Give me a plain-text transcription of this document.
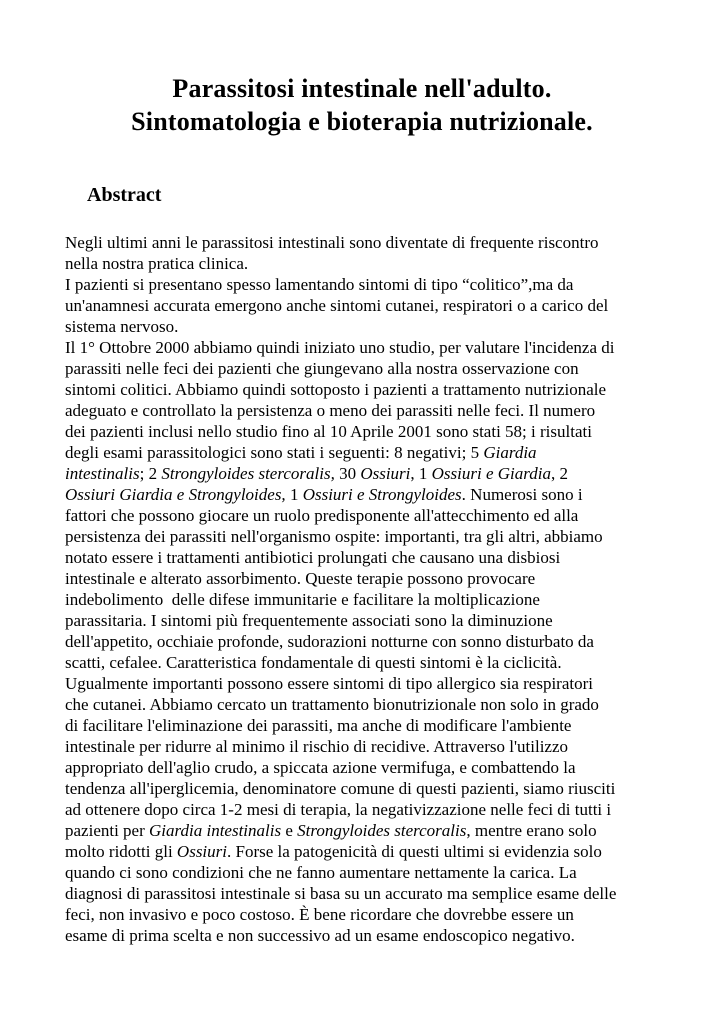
Parassitosi intestinale nell'adulto.
Sintomatologia e bioterapia nutrizionale.
Abstract
Negli ultimi anni le parassitosi intestinali sono diventate di frequente riscontro
nella nostra pratica clinica.
I pazienti si presentano spesso lamentando sintomi di tipo “colitico”,ma da
un'anamnesi accurata emergono anche sintomi cutanei, respiratori o a carico del
sistema nervoso.
Il 1° Ottobre 2000 abbiamo quindi iniziato uno studio, per valutare l'incidenza di
parassiti nelle feci dei pazienti che giungevano alla nostra osservazione con
sintomi colitici. Abbiamo quindi sottoposto i pazienti a trattamento nutrizionale
adeguato e controllato la persistenza o meno dei parassiti nelle feci. Il numero
dei pazienti inclusi nello studio fino al 10 Aprile 2001 sono stati 58; i risultati
degli esami parassitologici sono stati i seguenti: 8 negativi; 5 Giardia
intestinalis; 2 Strongyloides stercoralis, 30 Ossiuri, 1 Ossiuri e Giardia, 2
Ossiuri Giardia e Strongyloides, 1 Ossiuri e Strongyloides. Numerosi sono i
fattori che possono giocare un ruolo predisponente all'attecchimento ed alla
persistenza dei parassiti nell'organismo ospite: importanti, tra gli altri, abbiamo
notato essere i trattamenti antibiotici prolungati che causano una disbiosi
intestinale e alterato assorbimento. Queste terapie possono provocare
indebolimento  delle difese immunitarie e facilitare la moltiplicazione
parassitaria. I sintomi più frequentemente associati sono la diminuzione
dell'appetito, occhiaie profonde, sudorazioni notturne con sonno disturbato da
scatti, cefalee. Caratteristica fondamentale di questi sintomi è la ciclicità.
Ugualmente importanti possono essere sintomi di tipo allergico sia respiratori
che cutanei. Abbiamo cercato un trattamento bionutrizionale non solo in grado
di facilitare l'eliminazione dei parassiti, ma anche di modificare l'ambiente
intestinale per ridurre al minimo il rischio di recidive. Attraverso l'utilizzo
appropriato dell'aglio crudo, a spiccata azione vermifuga, e combattendo la
tendenza all'iperglicemia, denominatore comune di questi pazienti, siamo riusciti
ad ottenere dopo circa 1-2 mesi di terapia, la negativizzazione nelle feci di tutti i
pazienti per Giardia intestinalis e Strongyloides stercoralis, mentre erano solo
molto ridotti gli Ossiuri. Forse la patogenicità di questi ultimi si evidenzia solo
quando ci sono condizioni che ne fanno aumentare nettamente la carica. La
diagnosi di parassitosi intestinale si basa su un accurato ma semplice esame delle
feci, non invasivo e poco costoso. È bene ricordare che dovrebbe essere un
esame di prima scelta e non successivo ad un esame endoscopico negativo.
